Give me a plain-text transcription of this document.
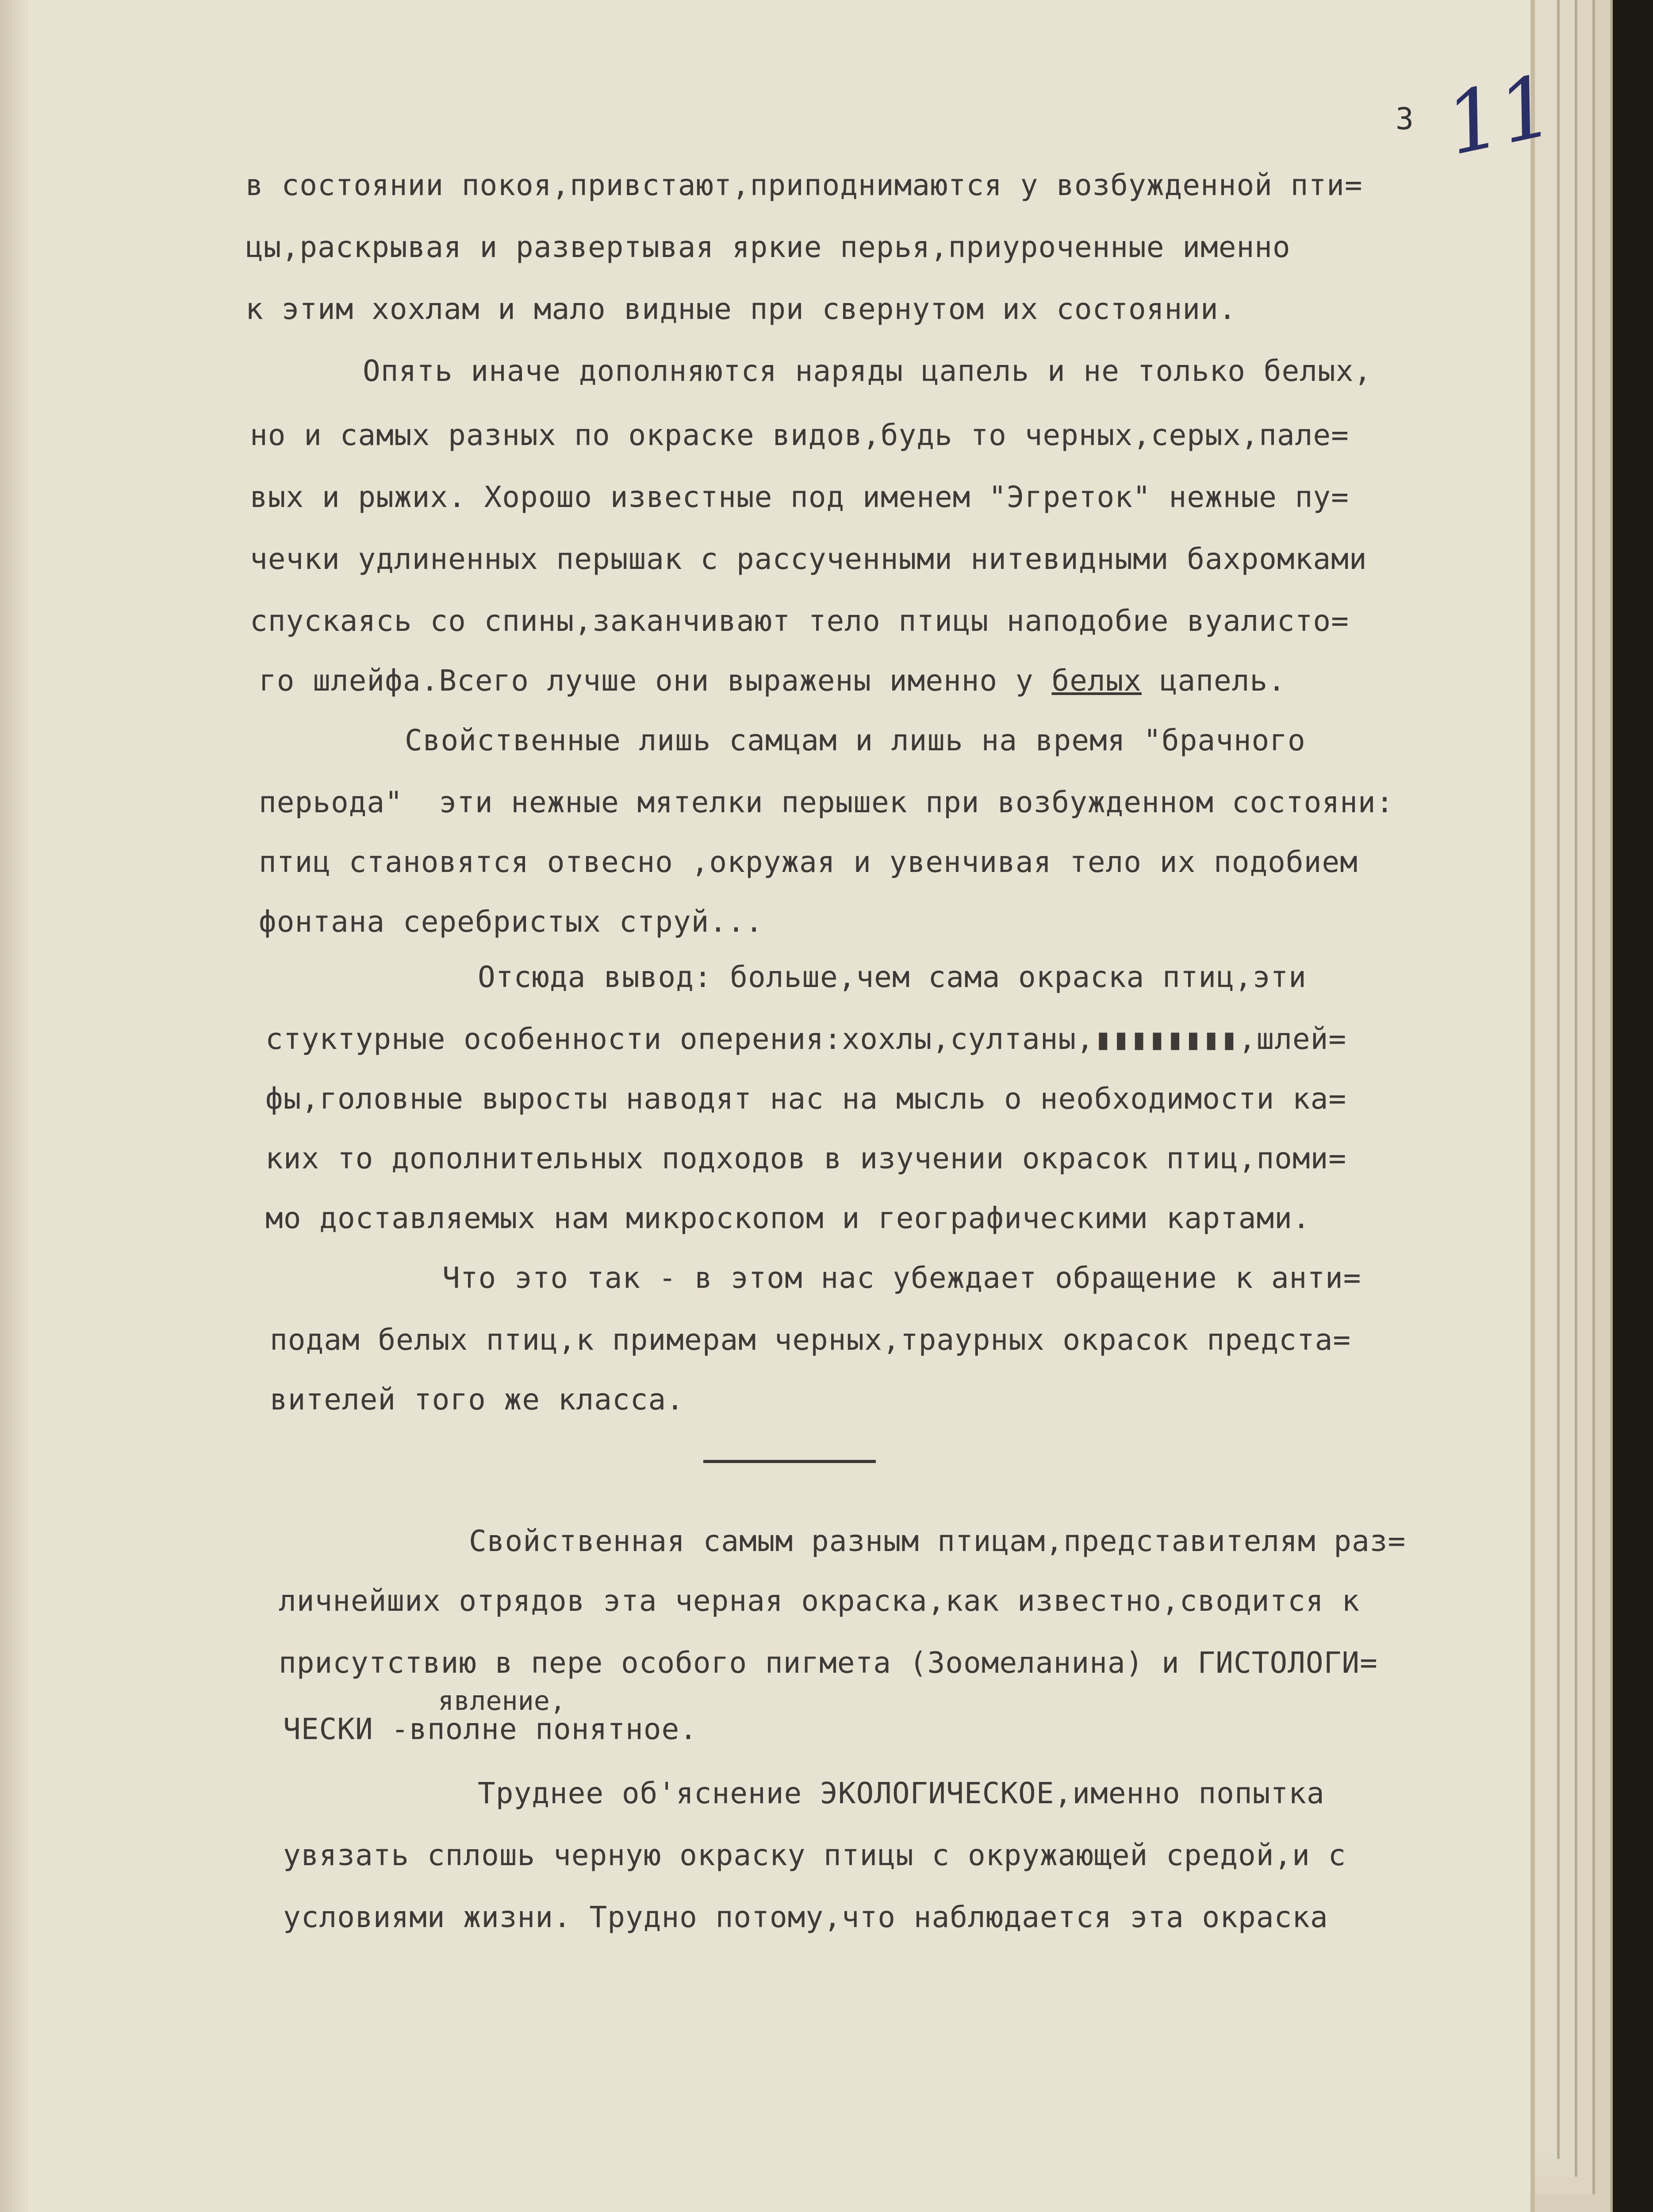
3 11
в состоянии покоя,привстают,приподнимаются у возбужденной пти=
цы,раскрывая и развертывая яркие перья,приуроченные именно
к этим хохлам и мало видные при свернутом их состоянии.
Опять иначе дополняются наряды цапель и не только белых,
но и самых разных по окраске видов,будь то черных,серых,пале=
вых и рыжих. Хорошо известные под именем "Эгреток" нежные пу=
чечки удлиненных перышак с рассученными нитевидными бахромками
спускаясь со спины,заканчивают тело птицы наподобие вуалисто=
го шлейфа.Всего лучше они выражены именно у белых цапель.
Свойственные лишь самцам и лишь на время "брачного
перьода"  эти нежные мятелки перышек при возбужденном состояни:
птиц становятся отвесно ,окружая и увенчивая тело их подобием
фонтана серебристых струй...
Отсюда вывод: больше,чем сама окраска птиц,эти
стуктурные особенности оперения:хохлы,султаны,▮▮▮▮▮▮▮▮,шлей=
фы,головные выросты наводят нас на мысль о необходимости ка=
ких то дополнительных подходов в изучении окрасок птиц,поми=
мо доставляемых нам микроскопом и географическими картами.
Что это так - в этом нас убеждает обращение к анти=
подам белых птиц,к примерам черных,траурных окрасок предста=
вителей того же класса.
Свойственная самым разным птицам,представителям раз=
личнейших отрядов эта черная окраска,как известно,сводится к
присутствию в пере особого пигмета (Зоомеланина) и ГИСТОЛОГИ=
явление,
ЧЕСКИ -вполне понятное.
Труднее об'яснение ЭКОЛОГИЧЕСКОЕ,именно попытка
увязать сплошь черную окраску птицы с окружающей средой,и с
условиями жизни. Трудно потому,что наблюдается эта окраска
